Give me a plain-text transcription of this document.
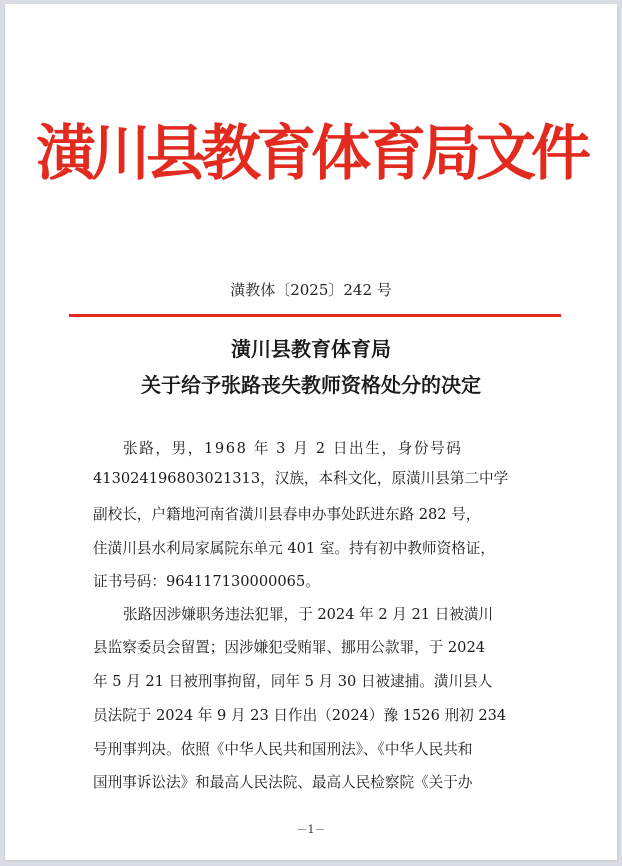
潢川县教育体育局文件
潢教体〔2025〕242 号
潢川县教育体育局
关于给予张路丧失教师资格处分的决定
张路，男，1968 年 3 月 2 日出生，身份号码
413024196803021313，汉族，本科文化，原潢川县第二中学
副校长，户籍地河南省潢川县春申办事处跃进东路 282 号，
住潢川县水利局家属院东单元 401 室。持有初中教师资格证，
证书号码：964117130000065。
张路因涉嫌职务违法犯罪，于 2024 年 2 月 21 日被潢川
县监察委员会留置；因涉嫌犯受贿罪、挪用公款罪，于 2024
年 5 月 21 日被刑事拘留，同年 5 月 30 日被逮捕。潢川县人
员法院于 2024 年 9 月 23 日作出（2024）豫 1526 刑初 234
号刑事判决。依照《中华人民共和国刑法》、《中华人民共和
国刑事诉讼法》和最高人民法院、最高人民检察院《关于办
－1－
